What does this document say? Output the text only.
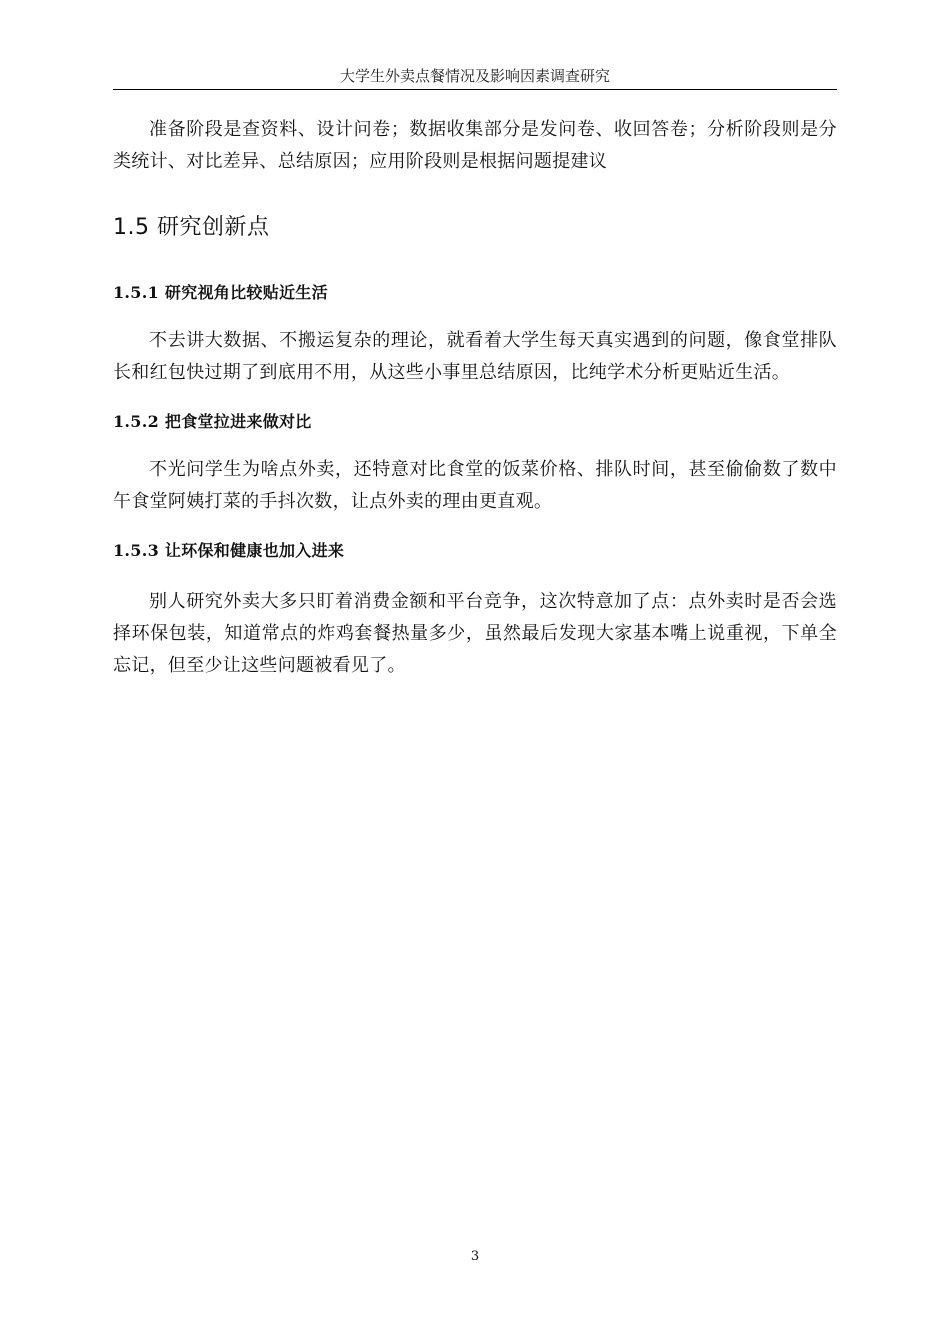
大学生外卖点餐情况及影响因素调查研究

准备阶段是查资料、设计问卷；数据收集部分是发问卷、收回答卷；分析阶段则是分类统计、对比差异、总结原因；应用阶段则是根据问题提建议

1.5 研究创新点
1.5.1 研究视角比较贴近生活

不去讲大数据、不搬运复杂的理论，就看着大学生每天真实遇到的问题，像食堂排队长和红包快过期了到底用不用，从这些小事里总结原因，比纯学术分析更贴近生活。

1.5.2 把食堂拉进来做对比

不光问学生为啥点外卖，还特意对比食堂的饭菜价格、排队时间，甚至偷偷数了数中午食堂阿姨打菜的手抖次数，让点外卖的理由更直观。

1.5.3 让环保和健康也加入进来

别人研究外卖大多只盯着消费金额和平台竞争，这次特意加了点：点外卖时是否会选择环保包装，知道常点的炸鸡套餐热量多少，虽然最后发现大家基本嘴上说重视，下单全忘记，但至少让这些问题被看见了。

3
